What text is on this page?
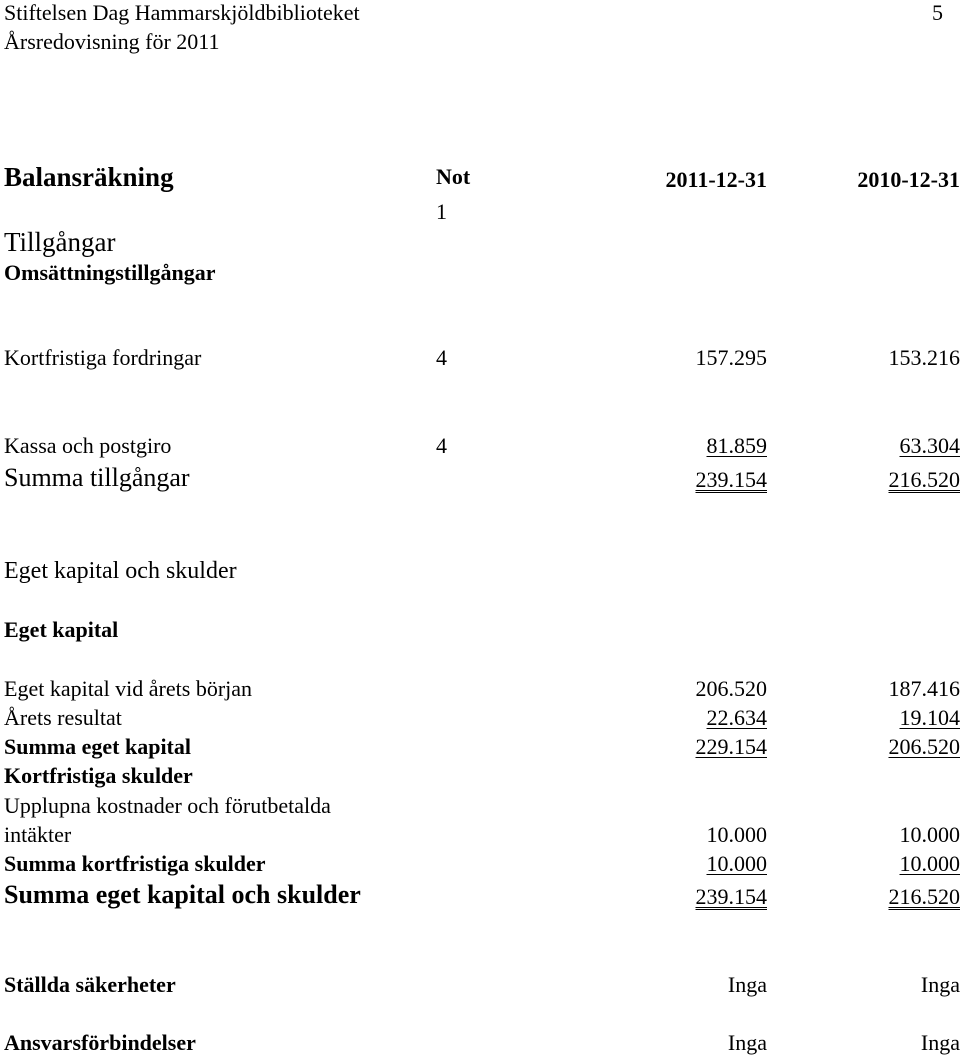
Stiftelsen Dag Hammarskjöldbiblioteket	5
Årsredovisning för 2011
Balansräkning	Not
1
2011-12-31	2010-12-31
Tillgångar
Omsättningstillgångar
Kortfristiga fordringar	4	157.295	153.216
Kassa och postgiro	4	81.859	63.304
Summa tillgångar	239.154	216.520
Eget kapital och skulder
Eget kapital
Eget kapital vid årets början	206.520	187.416
Årets resultat	22.634	19.104
Summa eget kapital	229.154	206.520
Kortfristiga skulder
Upplupna kostnader och förutbetalda
intäkter	10.000	10.000
Summa kortfristiga skulder	10.000	10.000
Summa eget kapital och skulder	239.154	216.520
Ställda säkerheter	Inga	Inga
Ansvarsförbindelser	Inga	Inga
